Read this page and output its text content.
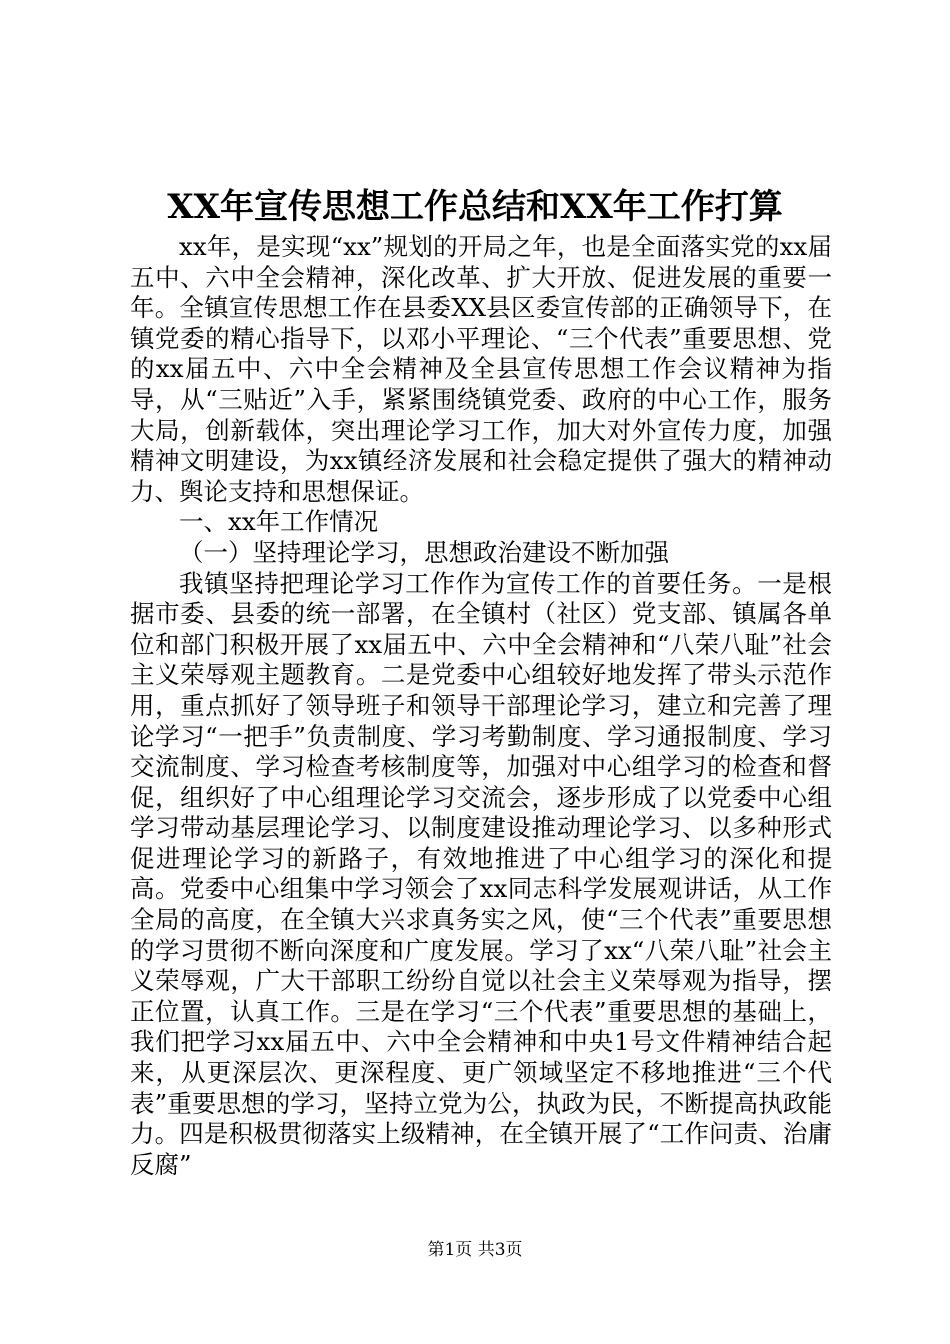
XX年宣传思想工作总结和XX年工作打算

xx年，是实现“xx”规划的开局之年，也是全面落实党的xx届五中、六中全会精神，深化改革、扩大开放、促进发展的重要一年。全镇宣传思想工作在县委XX县区委宣传部的正确领导下，在镇党委的精心指导下，以邓小平理论、“三个代表”重要思想、党的xx届五中、六中全会精神及全县宣传思想工作会议精神为指导，从“三贴近”入手，紧紧围绕镇党委、政府的中心工作，服务大局，创新载体，突出理论学习工作，加大对外宣传力度，加强精神文明建设，为xx镇经济发展和社会稳定提供了强大的精神动力、舆论支持和思想保证。

一、xx年工作情况

（一）坚持理论学习，思想政治建设不断加强

我镇坚持把理论学习工作作为宣传工作的首要任务。一是根据市委、县委的统一部署，在全镇村（社区）党支部、镇属各单位和部门积极开展了xx届五中、六中全会精神和“八荣八耻”社会主义荣辱观主题教育。二是党委中心组较好地发挥了带头示范作用，重点抓好了领导班子和领导干部理论学习，建立和完善了理论学习“一把手”负责制度、学习考勤制度、学习通报制度、学习交流制度、学习检查考核制度等，加强对中心组学习的检查和督促，组织好了中心组理论学习交流会，逐步形成了以党委中心组学习带动基层理论学习、以制度建设推动理论学习、以多种形式促进理论学习的新路子，有效地推进了中心组学习的深化和提高。党委中心组集中学习领会了xx同志科学发展观讲话，从工作全局的高度，在全镇大兴求真务实之风，使“三个代表”重要思想的学习贯彻不断向深度和广度发展。学习了xx“八荣八耻”社会主义荣辱观，广大干部职工纷纷自觉以社会主义荣辱观为指导，摆正位置，认真工作。三是在学习“三个代表”重要思想的基础上，我们把学习xx届五中、六中全会精神和中央1号文件精神结合起来，从更深层次、更深程度、更广领域坚定不移地推进“三个代表”重要思想的学习，坚持立党为公，执政为民，不断提高执政能力。四是积极贯彻落实上级精神，在全镇开展了“工作问责、治庸反腐”

第1页 共3页
